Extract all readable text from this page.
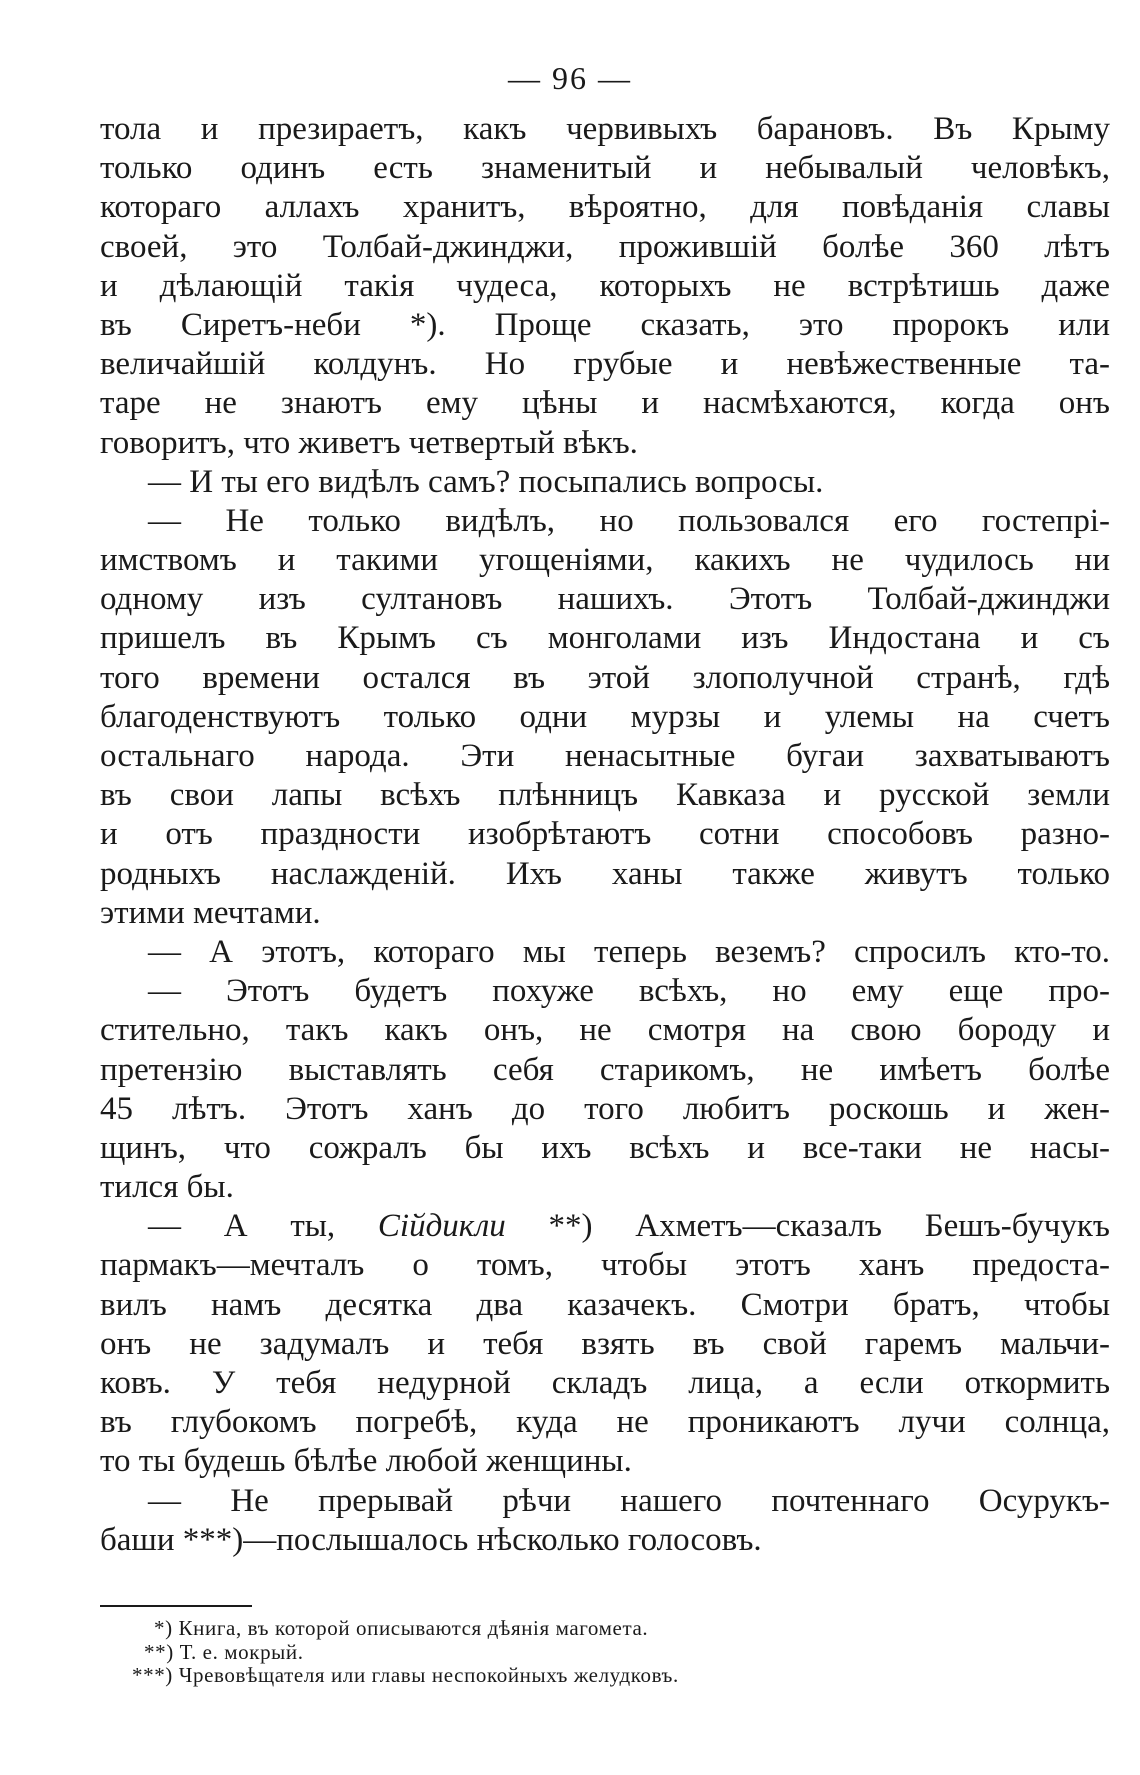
— 96 —
тола и презираетъ, какъ червивыхъ барановъ. Въ Крыму
только одинъ есть знаменитый и небывалый человѣкъ,
котораго аллахъ хранитъ, вѣроятно, для повѣданія славы
своей, это Толбай-джинджи, прожившій болѣе 360 лѣтъ
и дѣлающій такія чудеса, которыхъ не встрѣтишь даже
въ Сиретъ-неби *). Проще сказать, это пророкъ или
величайшій колдунъ. Но грубые и невѣжественные та-
таре не знаютъ ему цѣны и насмѣхаются, когда онъ
говоритъ, что живетъ четвертый вѣкъ.
— И ты его видѣлъ самъ? посыпались вопросы.
— Не только видѣлъ, но пользовался его гостепрі-
имствомъ и такими угощеніями, какихъ не чудилось ни
одному изъ султановъ нашихъ. Этотъ Толбай-джинджи
пришелъ въ Крымъ съ монголами изъ Индостана и съ
того времени остался въ этой злополучной странѣ, гдѣ
благоденствуютъ только одни мурзы и улемы на счетъ
остальнаго народа. Эти ненасытные бугаи захватываютъ
въ свои лапы всѣхъ плѣнницъ Кавказа и русской земли
и отъ праздности изобрѣтаютъ сотни способовъ разно-
родныхъ наслажденій. Ихъ ханы также живутъ только
этими мечтами.
— А этотъ, котораго мы теперь веземъ? спросилъ кто-то.
— Этотъ будетъ похуже всѣхъ, но ему еще про-
стительно, такъ какъ онъ, не смотря на свою бороду и
претензію выставлять себя старикомъ, не имѣетъ болѣе
45 лѣтъ. Этотъ ханъ до того любитъ роскошь и жен-
щинъ, что сожралъ бы ихъ всѣхъ и все-таки не насы-
тился бы.
— А ты, Сійдикли **) Ахметъ—сказалъ Бешъ-бучукъ
пармакъ—мечталъ о томъ, чтобы этотъ ханъ предоста-
вилъ намъ десятка два казачекъ. Смотри братъ, чтобы
онъ не задумалъ и тебя взять въ свой гаремъ мальчи-
ковъ. У тебя недурной складъ лица, а если откормить
въ глубокомъ погребѣ, куда не проникаютъ лучи солнца,
то ты будешь бѣлѣе любой женщины.
— Не прерывай рѣчи нашего почтеннаго Осурукъ-
баши ***)—послышалось нѣсколько голосовъ.
*) Книга, въ которой описываются дѣянія магомета.
**) Т. е. мокрый.
***) Чревовѣщателя или главы неспокойныхъ желудковъ.
